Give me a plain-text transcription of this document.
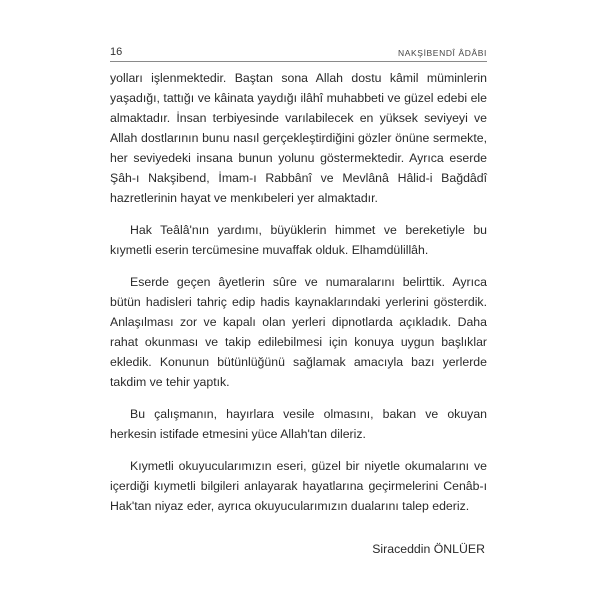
16	NAKŞİBENDÎ ÂDÂBI

yolları işlenmektedir. Baştan sona Allah dostu kâmil müminlerin yaşadığı, tattığı ve kâinata yaydığı ilâhî muhabbeti ve güzel edebi ele almaktadır. İnsan terbiyesinde varılabilecek en yüksek seviyeyi ve Allah dostlarının bunu nasıl gerçekleştirdiğini gözler önüne sermekte, her seviyedeki insana bunun yolunu göstermektedir. Ayrıca eserde Şâh-ı Nakşibend, İmam-ı Rabbânî ve Mevlânâ Hâlid-i Bağdâdî hazretlerinin hayat ve menkıbeleri yer almaktadır.

Hak Teâlâ'nın yardımı, büyüklerin himmet ve bereketiyle bu kıymetli eserin tercümesine muvaffak olduk. Elhamdülillâh.

Eserde geçen âyetlerin sûre ve numaralarını belirttik. Ayrıca bütün hadisleri tahriç edip hadis kaynaklarındaki yerlerini gösterdik. Anlaşılması zor ve kapalı olan yerleri dipnotlarda açıkladık. Daha rahat okunması ve takip edilebilmesi için konuya uygun başlıklar ekledik. Konunun bütünlüğünü sağlamak amacıyla bazı yerlerde takdim ve tehir yaptık.

Bu çalışmanın, hayırlara vesile olmasını, bakan ve okuyan herkesin istifade etmesini yüce Allah'tan dileriz.

Kıymetli okuyucularımızın eseri, güzel bir niyetle okumalarını ve içerdiği kıymetli bilgileri anlayarak hayatlarına geçirmelerini Cenâb-ı Hak'tan niyaz eder, ayrıca okuyucularımızın dualarını talep ederiz.

Siraceddin ÖNLÜER
